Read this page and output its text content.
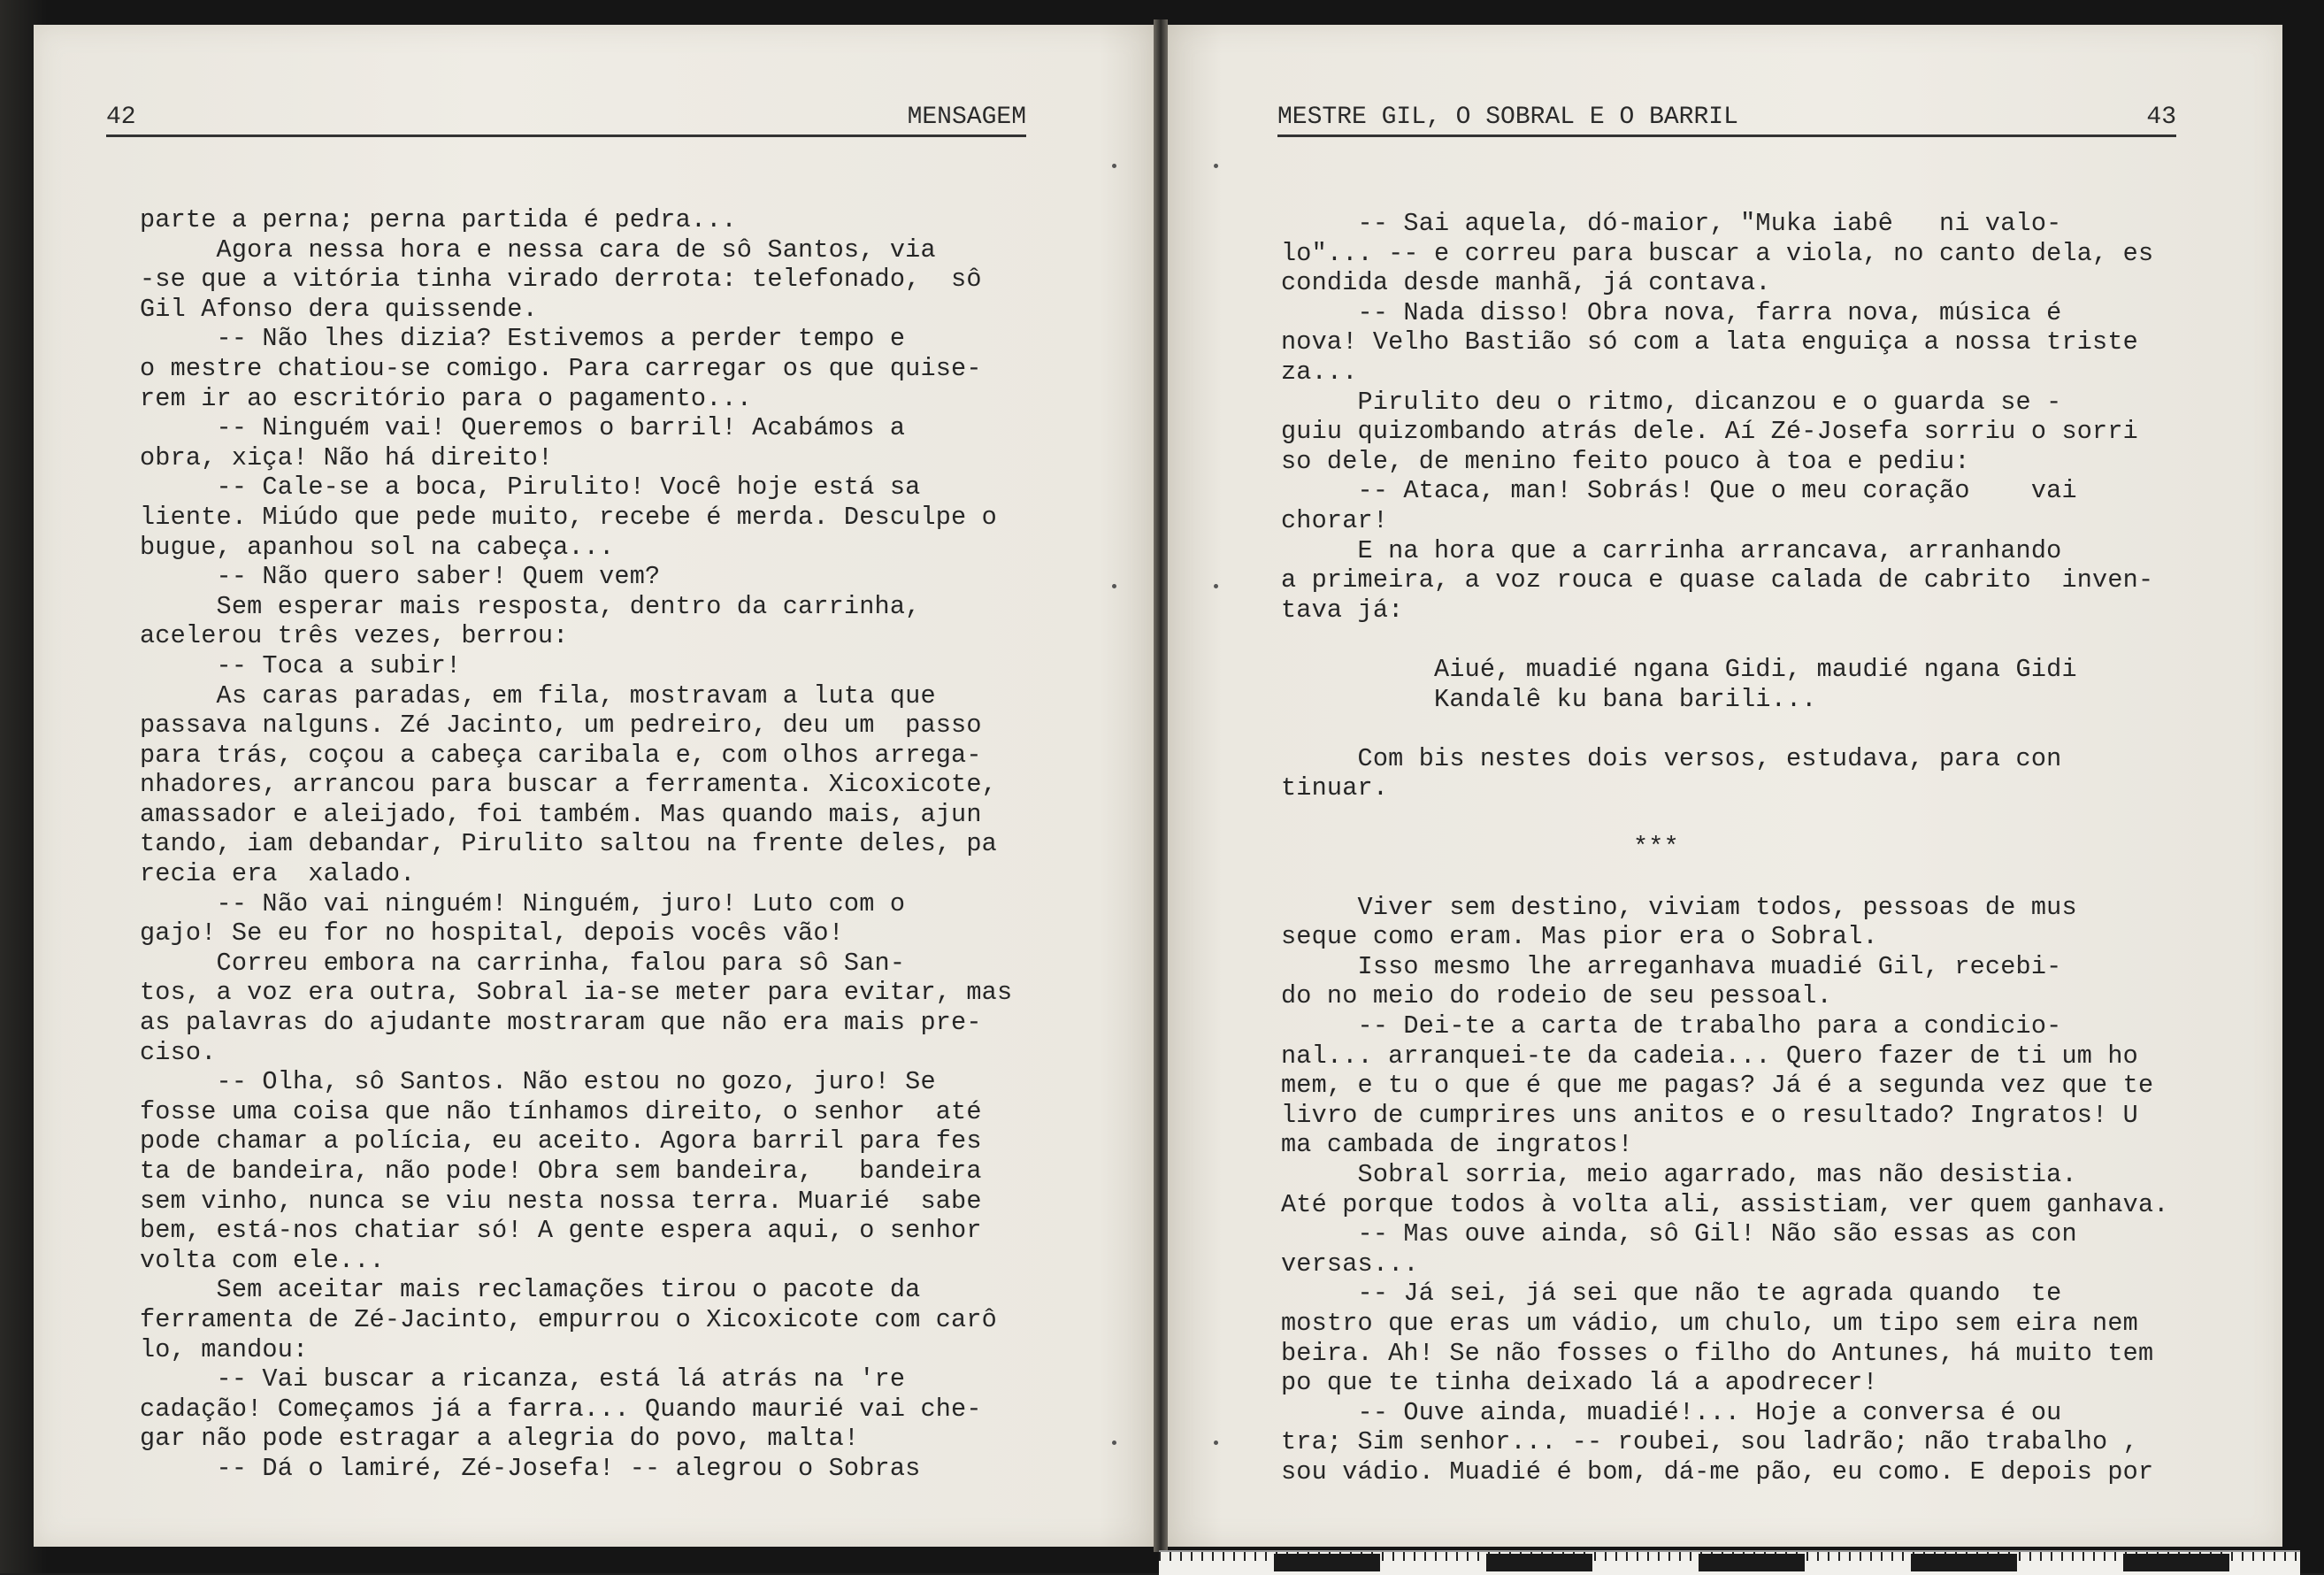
42	MENSAGEM	MESTRE GIL, O SOBRAL E O BARRIL	43
parte a perna; perna partida é pedra...
Agora nessa hora e nessa cara de sô Santos, via
-se que a vitória tinha virado derrota: telefonado,  sô
Gil Afonso dera quissende.
-- Não lhes dizia? Estivemos a perder tempo e
o mestre chatiou-se comigo. Para carregar os que quise-
rem ir ao escritório para o pagamento...
-- Ninguém vai! Queremos o barril! Acabámos a
obra, xiça! Não há direito!
-- Cale-se a boca, Pirulito! Você hoje está sa
liente. Miúdo que pede muito, recebe é merda. Desculpe o
bugue, apanhou sol na cabeça...
-- Não quero saber! Quem vem?
Sem esperar mais resposta, dentro da carrinha,
acelerou três vezes, berrou:
-- Toca a subir!
As caras paradas, em fila, mostravam a luta que
passava nalguns. Zé Jacinto, um pedreiro, deu um  passo
para trás, coçou a cabeça caribala e, com olhos arrega-
nhadores, arrancou para buscar a ferramenta. Xicoxicote,
amassador e aleijado, foi também. Mas quando mais, ajun
tando, iam debandar, Pirulito saltou na frente deles, pa
recia era  xalado.
-- Não vai ninguém! Ninguém, juro! Luto com o
gajo! Se eu for no hospital, depois vocês vão!
Correu embora na carrinha, falou para sô San-
tos, a voz era outra, Sobral ia-se meter para evitar, mas
as palavras do ajudante mostraram que não era mais pre-
ciso.
-- Olha, sô Santos. Não estou no gozo, juro! Se
fosse uma coisa que não tínhamos direito, o senhor  até
pode chamar a polícia, eu aceito. Agora barril para fes
ta de bandeira, não pode! Obra sem bandeira,   bandeira
sem vinho, nunca se viu nesta nossa terra. Muarié  sabe
bem, está-nos chatiar só! A gente espera aqui, o senhor
volta com ele...
Sem aceitar mais reclamações tirou o pacote da
ferramenta de Zé-Jacinto, empurrou o Xicoxicote com carô
lo, mandou:
-- Vai buscar a ricanza, está lá atrás na 're
cadação! Começamos já a farra... Quando maurié vai che-
gar não pode estragar a alegria do povo, malta!
-- Dá o lamiré, Zé-Josefa! -- alegrou o Sobras
-- Sai aquela, dó-maior, "Muka iabê   ni valo-
lo"... -- e correu para buscar a viola, no canto dela, es
condida desde manhã, já contava.
-- Nada disso! Obra nova, farra nova, música é
nova! Velho Bastião só com a lata enguiça a nossa triste
za...
Pirulito deu o ritmo, dicanzou e o guarda se -
guiu quizombando atrás dele. Aí Zé-Josefa sorriu o sorri
so dele, de menino feito pouco à toa e pediu:
-- Ataca, man! Sobrás! Que o meu coração    vai
chorar!
E na hora que a carrinha arrancava, arranhando
a primeira, a voz rouca e quase calada de cabrito  inven-
tava já:

Aiué, muadié ngana Gidi, maudié ngana Gidi
Kandalê ku bana barili...

Com bis nestes dois versos, estudava, para con
tinuar.

***

Viver sem destino, viviam todos, pessoas de mus
seque como eram. Mas pior era o Sobral.
Isso mesmo lhe arreganhava muadié Gil, recebi-
do no meio do rodeio de seu pessoal.
-- Dei-te a carta de trabalho para a condicio-
nal... arranquei-te da cadeia... Quero fazer de ti um ho
mem, e tu o que é que me pagas? Já é a segunda vez que te
livro de cumprires uns anitos e o resultado? Ingratos! U
ma cambada de ingratos!
Sobral sorria, meio agarrado, mas não desistia.
Até porque todos à volta ali, assistiam, ver quem ganhava.
-- Mas ouve ainda, sô Gil! Não são essas as con
versas...
-- Já sei, já sei que não te agrada quando  te
mostro que eras um vádio, um chulo, um tipo sem eira nem
beira. Ah! Se não fosses o filho do Antunes, há muito tem
po que te tinha deixado lá a apodrecer!
-- Ouve ainda, muadié!... Hoje a conversa é ou
tra; Sim senhor... -- roubei, sou ladrão; não trabalho ,
sou vádio. Muadié é bom, dá-me pão, eu como. E depois por
